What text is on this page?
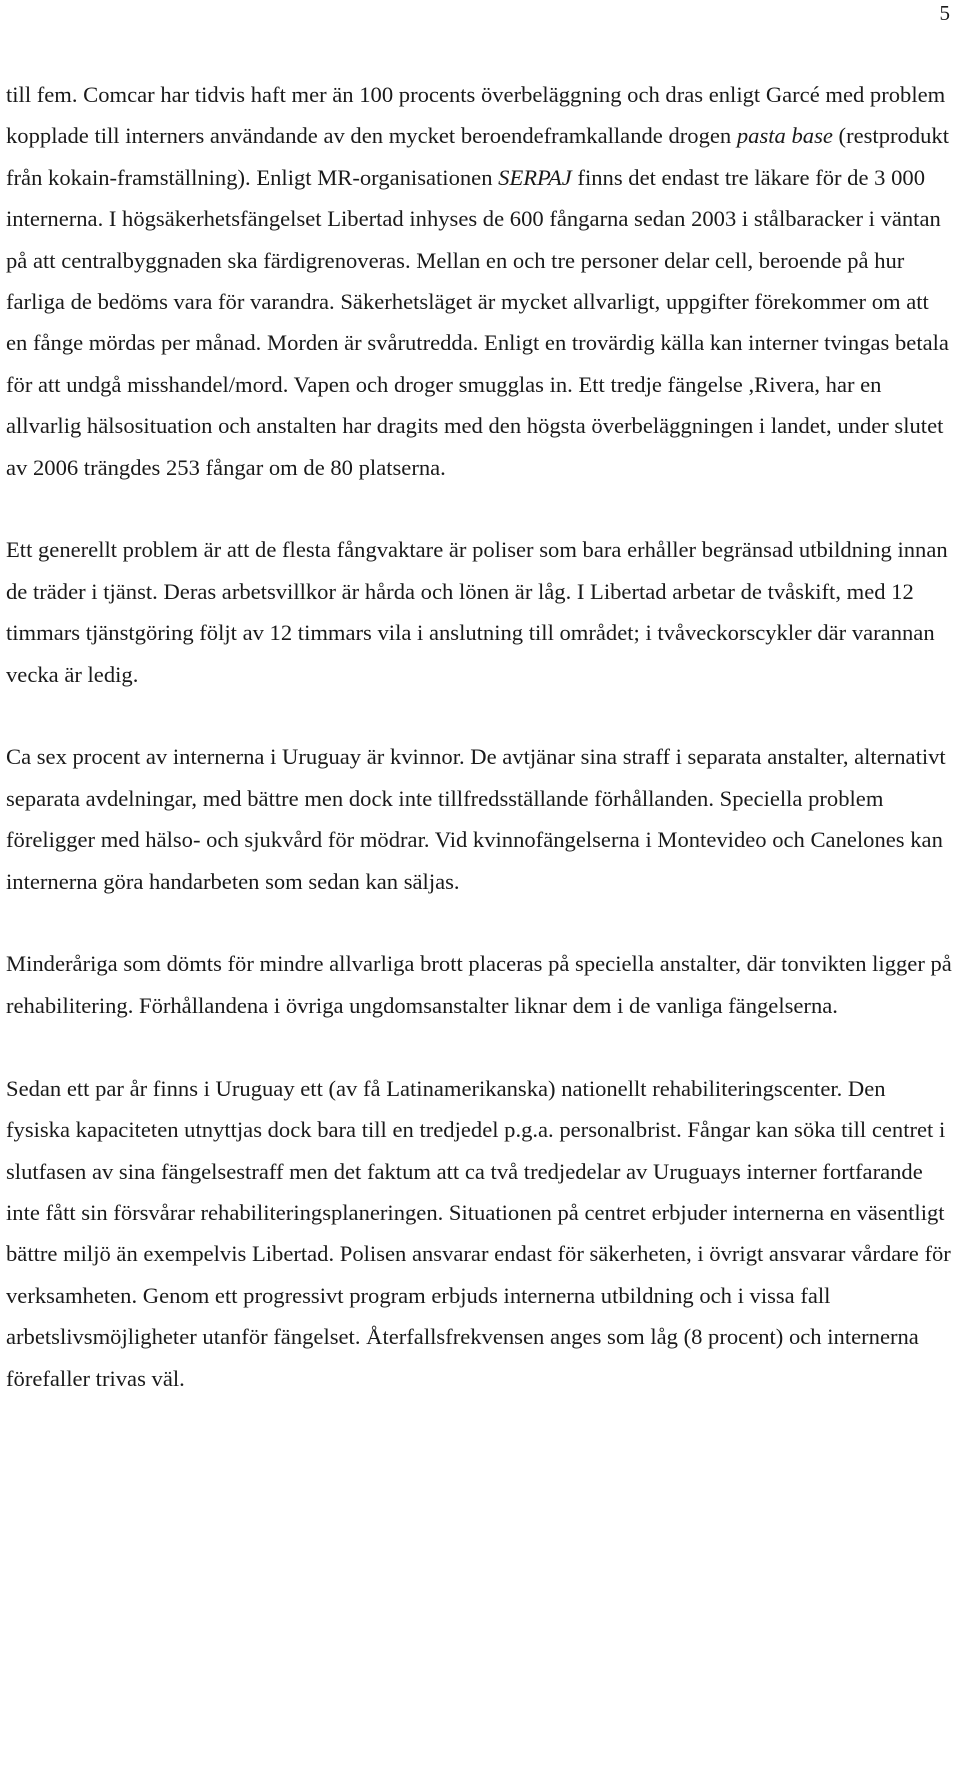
5

till fem. Comcar har tidvis haft mer än 100 procents överbeläggning och dras enligt Garcé med problem kopplade till interners användande av den mycket beroendeframkallande drogen pasta base (restprodukt från kokain-framställning). Enligt MR-organisationen SERPAJ finns det endast tre läkare för de 3 000 internerna. I högsäkerhetsfängelset Libertad inhyses de 600 fångarna sedan 2003 i stålbaracker i väntan på att centralbyggnaden ska färdigrenoveras. Mellan en och tre personer delar cell, beroende på hur farliga de bedöms vara för varandra. Säkerhetsläget är mycket allvarligt, uppgifter förekommer om att en fånge mördas per månad. Morden är svårutredda. Enligt en trovärdig källa kan interner tvingas betala för att undgå misshandel/mord. Vapen och droger smugglas in. Ett tredje fängelse ,Rivera, har en allvarlig hälsosituation och anstalten har dragits med den högsta överbeläggningen i landet, under slutet av 2006 trängdes 253 fångar om de 80 platserna.

Ett generellt problem är att de flesta fångvaktare är poliser som bara erhåller begränsad utbildning innan de träder i tjänst. Deras arbetsvillkor är hårda och lönen är låg. I Libertad arbetar de tvåskift, med 12 timmars tjänstgöring följt av 12 timmars vila i anslutning till området; i tvåveckorscykler där varannan vecka är ledig.

Ca sex procent av internerna i Uruguay är kvinnor. De avtjänar sina straff i separata anstalter, alternativt separata avdelningar, med bättre men dock inte tillfredsställande förhållanden. Speciella problem föreligger med hälso- och sjukvård för mödrar. Vid kvinnofängelserna i Montevideo och Canelones kan internerna göra handarbeten som sedan kan säljas.

Minderåriga som dömts för mindre allvarliga brott placeras på speciella anstalter, där tonvikten ligger på rehabilitering. Förhållandena i övriga ungdomsanstalter liknar dem i de vanliga fängelserna.

Sedan ett par år finns i Uruguay ett (av få Latinamerikanska) nationellt rehabiliteringscenter. Den fysiska kapaciteten utnyttjas dock bara till en tredjedel p.g.a. personalbrist. Fångar kan söka till centret i slutfasen av sina fängelsestraff men det faktum att ca två tredjedelar av Uruguays interner fortfarande inte fått sin försvårar rehabiliteringsplaneringen. Situationen på centret erbjuder internerna en väsentligt bättre miljö än exempelvis Libertad. Polisen ansvarar endast för säkerheten, i övrigt ansvarar vårdare för verksamheten. Genom ett progressivt program erbjuds internerna utbildning och i vissa fall arbetslivsmöjligheter utanför fängelset. Återfallsfrekvensen anges som låg (8 procent) och internerna förefaller trivas väl.
